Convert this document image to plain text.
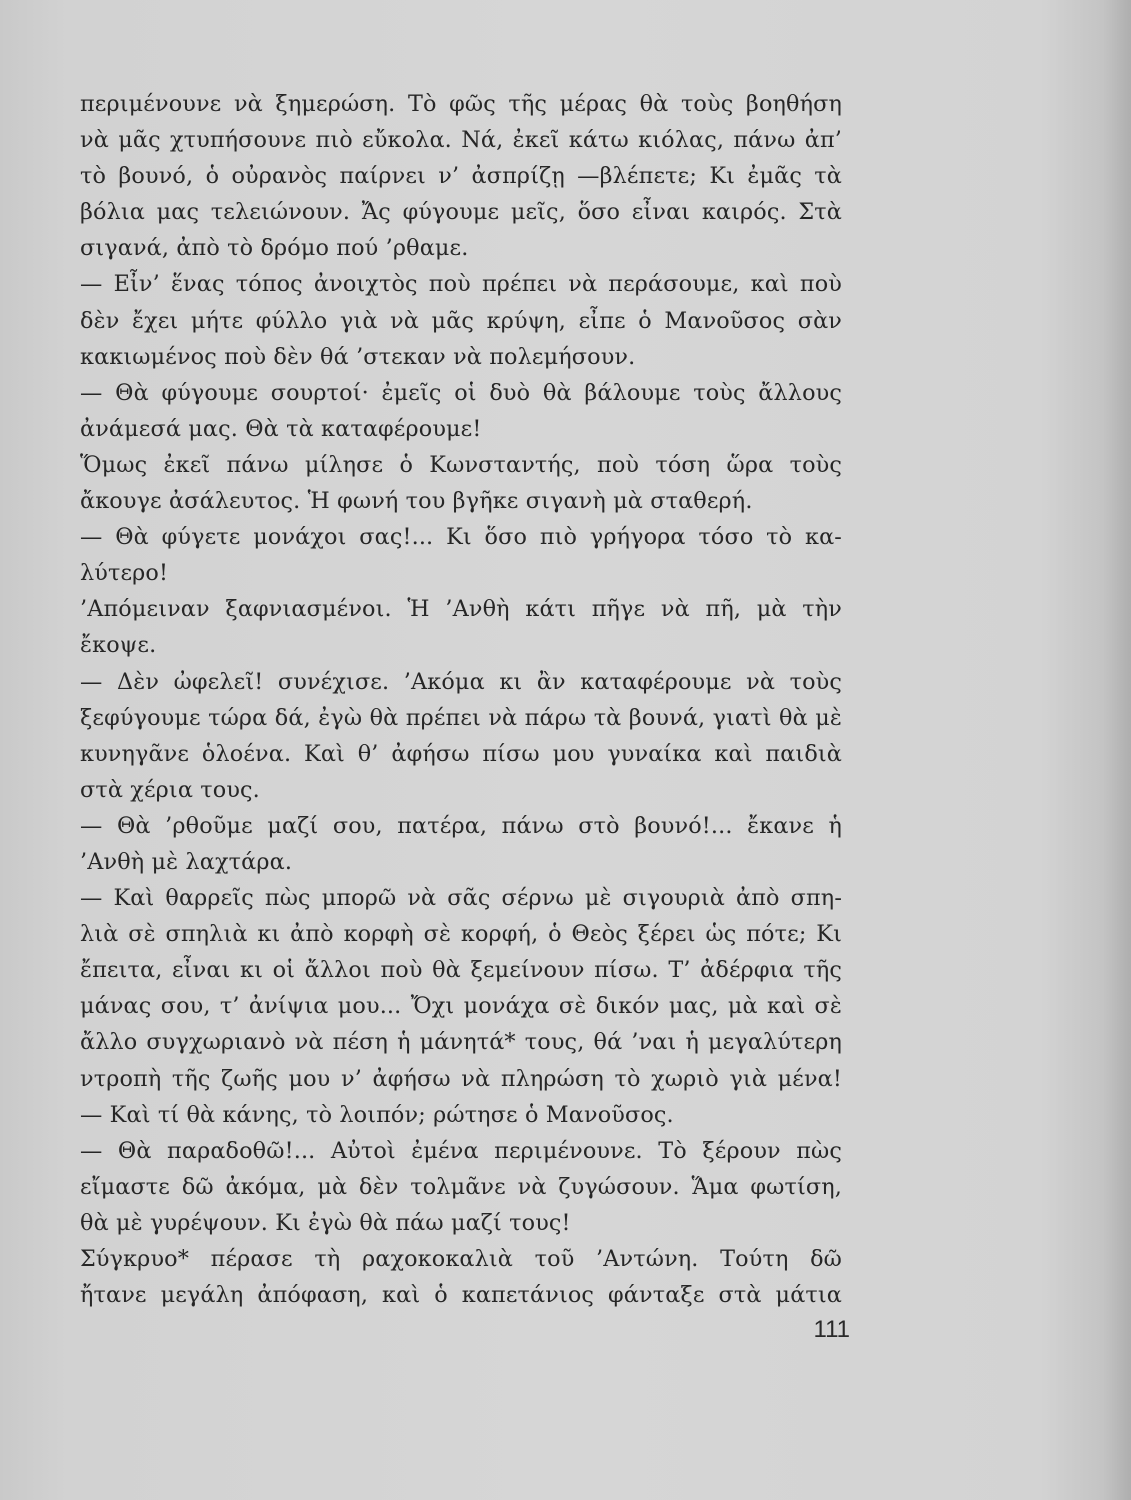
περιμένουνε νὰ ξημερώση. Τὸ φῶς τῆς μέρας θὰ τοὺς βοηθήση
νὰ μᾶς χτυπήσουνε πιὸ εὔκολα. Νά, ἐκεῖ κάτω κιόλας, πάνω ἀπ’
τὸ βουνό, ὁ οὐρανὸς παίρνει ν’ ἀσπρίζῃ —βλέπετε; Κι ἐμᾶς τὰ
βόλια μας τελειώνουν. Ἄς φύγουμε μεῖς, ὅσο εἶναι καιρός. Στὰ
σιγανά, ἀπὸ τὸ δρόμο πού ’ρθαμε.
— Εἶν’ ἕνας τόπος ἀνοιχτὸς ποὺ πρέπει νὰ περάσουμε, καὶ ποὺ
δὲν ἔχει μήτε φύλλο γιὰ νὰ μᾶς κρύψη, εἶπε ὁ Μανοῦσος σὰν
κακιωμένος ποὺ δὲν θά ’στεκαν νὰ πολεμήσουν.
— Θὰ φύγουμε σουρτοί· ἐμεῖς οἱ δυὸ θὰ βάλουμε τοὺς ἄλλους
ἀνάμεσά μας. Θὰ τὰ καταφέρουμε!
Ὅμως ἐκεῖ πάνω μίλησε ὁ Κωνσταντής, ποὺ τόση ὥρα τοὺς
ἄκουγε ἀσάλευτος. Ἡ φωνή του βγῆκε σιγανὴ μὰ σταθερή.
— Θὰ φύγετε μονάχοι σας!... Κι ὅσο πιὸ γρήγορα τόσο τὸ κα-
λύτερο!
’Απόμειναν ξαφνιασμένοι. Ἡ ’Ανθὴ κάτι πῆγε νὰ πῆ, μὰ τὴν
ἔκοψε.
— Δὲν ὠφελεῖ! συνέχισε. ’Ακόμα κι ἂν καταφέρουμε νὰ τοὺς
ξεφύγουμε τώρα δά, ἐγὼ θὰ πρέπει νὰ πάρω τὰ βουνά, γιατὶ θὰ μὲ
κυνηγᾶνε ὁλοένα. Καὶ θ’ ἀφήσω πίσω μου γυναίκα καὶ παιδιὰ
στὰ χέρια τους.
— Θὰ ’ρθοῦμε μαζί σου, πατέρα, πάνω στὸ βουνό!... ἔκανε ἡ
’Ανθὴ μὲ λαχτάρα.
— Καὶ θαρρεῖς πὼς μπορῶ νὰ σᾶς σέρνω μὲ σιγουριὰ ἀπὸ σπη-
λιὰ σὲ σπηλιὰ κι ἀπὸ κορφὴ σὲ κορφή, ὁ Θεὸς ξέρει ὡς πότε; Κι
ἔπειτα, εἶναι κι οἱ ἄλλοι ποὺ θὰ ξεμείνουν πίσω. Τ’ ἀδέρφια τῆς
μάνας σου, τ’ ἀνίψια μου... Ὄχι μονάχα σὲ δικόν μας, μὰ καὶ σὲ
ἄλλο συγχωριανὸ νὰ πέση ἡ μάνητά* τους, θά ’ναι ἡ μεγαλύτερη
ντροπὴ τῆς ζωῆς μου ν’ ἀφήσω νὰ πληρώση τὸ χωριὸ γιὰ μένα!
— Καὶ τί θὰ κάνης, τὸ λοιπόν; ρώτησε ὁ Μανοῦσος.
— Θὰ παραδοθῶ!... Αὐτοὶ ἐμένα περιμένουνε. Τὸ ξέρουν πὼς
εἴμαστε δῶ ἀκόμα, μὰ δὲν τολμᾶνε νὰ ζυγώσουν. Ἅμα φωτίση,
θὰ μὲ γυρέψουν. Κι ἐγὼ θὰ πάω μαζί τους!
Σύγκρυο* πέρασε τὴ ραχοκοκαλιὰ τοῦ ’Αντώνη. Τούτη δῶ
ἤτανε μεγάλη ἀπόφαση, καὶ ὁ καπετάνιος φάνταξε στὰ μάτια
111
